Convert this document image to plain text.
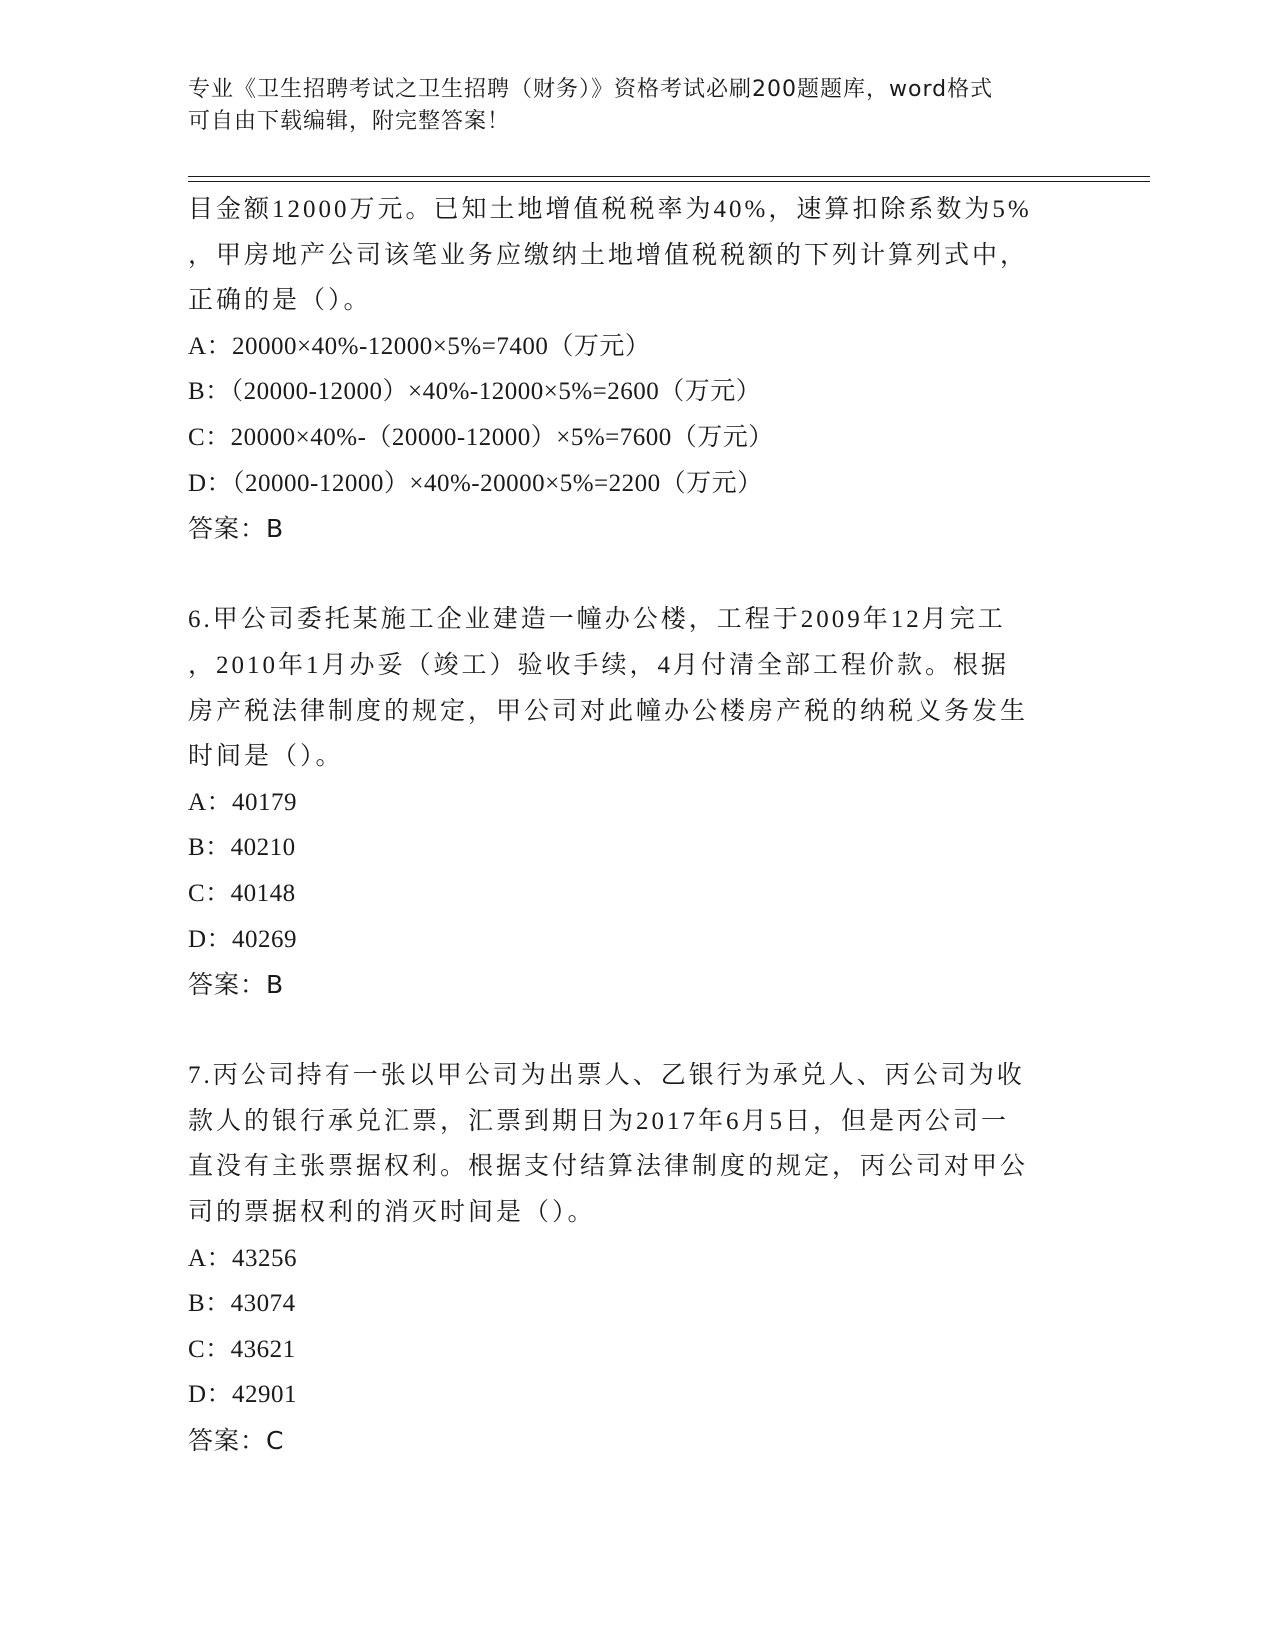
专业《卫生招聘考试之卫生招聘（财务）》资格考试必刷200题题库，word格式
可自由下载编辑，附完整答案！
目金额12000万元。已知土地增值税税率为40%，速算扣除系数为5%
，甲房地产公司该笔业务应缴纳土地增值税税额的下列计算列式中，
正确的是（）。
A：20000×40%-12000×5%=7400（万元）
B：（20000-12000）×40%-12000×5%=2600（万元）
C：20000×40%-（20000-12000）×5%=7600（万元）
D：（20000-12000）×40%-20000×5%=2200（万元）
答案：B
6.甲公司委托某施工企业建造一幢办公楼，工程于2009年12月完工
，2010年1月办妥（竣工）验收手续，4月付清全部工程价款。根据
房产税法律制度的规定，甲公司对此幢办公楼房产税的纳税义务发生
时间是（）。
A：40179
B：40210
C：40148
D：40269
答案：B
7.丙公司持有一张以甲公司为出票人、乙银行为承兑人、丙公司为收
款人的银行承兑汇票，汇票到期日为2017年6月5日，但是丙公司一
直没有主张票据权利。根据支付结算法律制度的规定，丙公司对甲公
司的票据权利的消灭时间是（）。
A：43256
B：43074
C：43621
D：42901
答案：C
